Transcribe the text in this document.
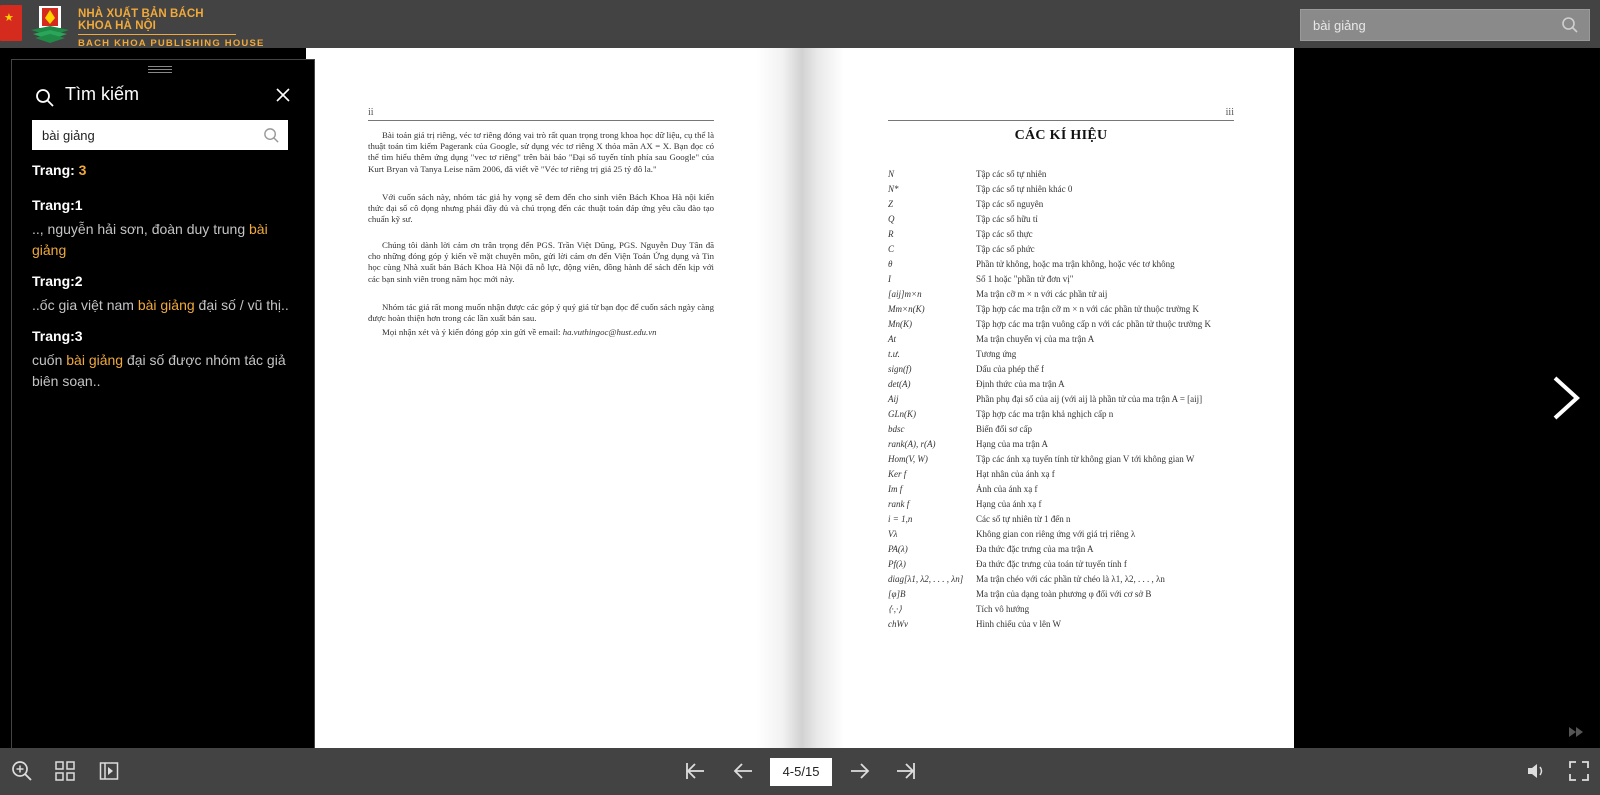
★	NHÀ XUẤT BẢN BÁCH KHOA HÀ NỘI
BACH KHOA PUBLISHING HOUSE
bài giảng
ii

Bài toán giá trị riêng, véc tơ riêng đóng vai trò rất quan trọng trong khoa học dữ liệu, cụ thể là thuật toán tìm kiếm Pagerank của Google, sử dụng véc tơ riêng X thỏa mãn AX = X. Bạn đọc có thể tìm hiểu thêm ứng dụng "vec tơ riêng" trên bài báo "Đại số tuyến tính phía sau Google" của Kurt Bryan và Tanya Leise năm 2006, đã viết về "Véc tơ riêng trị giá 25 tỷ đô la."

Với cuốn sách này, nhóm tác giả hy vọng sẽ đem đến cho sinh viên Bách Khoa Hà nội kiến thức đại số cô đọng nhưng phải đầy đủ và chú trọng đến các thuật toán đáp ứng yêu cầu đào tạo chuẩn kỹ sư.

Chúng tôi dành lời cảm ơn trân trọng đến PGS. Trần Việt Dũng, PGS. Nguyễn Duy Tân đã cho những đóng góp ý kiến về mặt chuyên môn, gửi lời cảm ơn đến Viện Toán Ứng dụng và Tin học cùng Nhà xuất bản Bách Khoa Hà Nội đã nỗ lực, động viên, đồng hành để sách đến kịp với các bạn sinh viên trong năm học mới này.

Nhóm tác giả rất mong muốn nhận được các góp ý quý giá từ bạn đọc để cuốn sách ngày càng được hoàn thiện hơn trong các lần xuất bản sau.

Mọi nhận xét và ý kiến đóng góp xin gửi về email: ha.vuthingoc@hust.edu.vn

iii
CÁC KÍ HIỆU
N	Tập các số tự nhiên
N*	Tập các số tự nhiên khác 0
Z	Tập các số nguyên
Q	Tập các số hữu tỉ
R	Tập các số thực
C	Tập các số phức
θ	Phần tử không, hoặc ma trận không, hoặc véc tơ không
I	Số 1 hoặc "phần tử đơn vị"
[aij]m×n	Ma trận cỡ m × n với các phần tử aij
Mm×n(K)	Tập hợp các ma trận cỡ m × n với các phần tử thuộc trường K
Mn(K)	Tập hợp các ma trận vuông cấp n với các phần tử thuộc trường K
At	Ma trận chuyển vị của ma trận A
t.ư.	Tương ứng
sign(f)	Dấu của phép thế f
det(A)	Định thức của ma trận A
Aij	Phần phụ đại số của aij (với aij là phần tử của ma trận A = [aij]
GLn(K)	Tập hợp các ma trận khả nghịch cấp n
bdsc	Biến đổi sơ cấp
rank(A), r(A)	Hạng của ma trận A
Hom(V, W)	Tập các ánh xạ tuyến tính từ không gian V tới không gian W
Ker f	Hạt nhân của ánh xạ f
Im f	Ảnh của ánh xạ f
rank f	Hạng của ánh xạ f
i = 1,n	Các số tự nhiên từ 1 đến n
Vλ	Không gian con riêng ứng với giá trị riêng λ
PA(λ)	Đa thức đặc trưng của ma trận A
Pf(λ)	Đa thức đặc trưng của toán tử tuyến tính f
diag[λ1, λ2, . . . , λn] Ma trận chéo với các phần tử chéo là λ1, λ2, . . . , λn
[φ]B	Ma trận của dạng toàn phương φ đối với cơ sở B
⟨·,·⟩	Tích vô hướng
chWv	Hình chiếu của v lên W
Tìm kiếm
bài giảng
Trang: 3
Trang:1
.., nguyễn hải sơn, đoàn duy trung bài giảng
Trang:2
..ốc gia việt nam bài giảng đại số / vũ thị..
Trang:3
cuốn bài giảng đại số được nhóm tác giả biên soạn..
4-5/15
